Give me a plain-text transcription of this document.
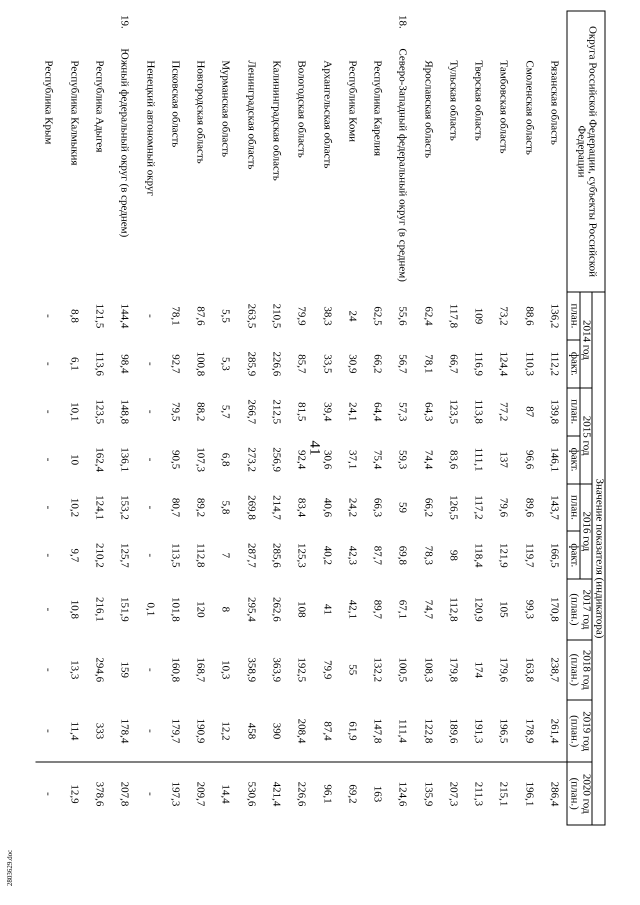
41
Округа Российской Федерации, субъекты Российской Федерации		Значение показателя (индикатора)									
		2014 год		2015 год		2016 год		2017 год (план.)	2018 год (план.)	2019 год (план.)	2020 год (план.)
		план.	факт.	план.	факт.	план.	факт.				
	Рязанская область	136,2	112,2	139,8	146,1	143,7	166,5	170,8	238,7	261,4	286,4
	Смоленская область	88,6	110,3	87	96,6	89,6	119,7	99,3	163,8	178,9	196,1
	Тамбовская область	73,2	124,4	77,2	137	79,6	121,9	105	179,6	196,5	215,1
	Тверская область	109	116,9	113,8	111,1	117,2	118,4	120,9	174	191,3	211,3
	Тульская область	117,8	66,7	123,5	83,6	126,5	98	112,8	179,8	189,6	207,3
	Ярославская область	62,4	78,1	64,3	74,4	66,2	78,3	74,7	108,3	122,8	135,9
18.	Северо-Западный федеральный округ (в среднем)	55,6	56,7	57,3	59,3	59	69,8	67,1	100,5	111,4	124,6
	Республика Карелия	62,5	66,2	64,4	75,4	66,3	87,7	89,7	132,2	147,8	163
	Республика Коми	24	30,9	24,1	37,1	24,2	42,3	42,1	55	61,9	69,2
	Архангельская область	38,3	33,5	39,4	30,6	40,6	40,2	41	79,9	87,4	96,1
	Вологодская область	79,9	85,7	81,5	92,4	83,4	125,3	108	192,5	208,4	226,6
	Калининградская область	210,5	226,6	212,5	256,9	214,7	285,6	262,6	363,9	390	421,4
	Ленинградская область	263,5	285,9	266,7	273,2	269,8	287,7	295,4	358,9	458	530,6
	Мурманская область	5,5	5,3	5,7	6,8	5,8	7	8	10,3	12,2	14,4
	Новгородская область	87,6	100,8	88,2	107,3	89,2	112,8	120	168,7	190,9	209,7
	Псковская область	78,1	92,7	79,5	90,5	80,7	113,5	101,8	160,8	179,7	197,3
	Ненецкий автономный округ	-	-	-	-	-	-	0,1	-	-	-
19.	Южный федеральный округ (в среднем)	144,4	98,4	148,8	136,1	153,2	125,7	151,9	159	178,4	207,8
	Республика Адыгея	121,5	113,6	123,5	162,4	124,1	210,2	216,1	294,6	333	378,6
	Республика Калмыкия	8,8	6,1	10,1	10	10,2	9,7	10,8	13,3	11,4	12,9
	Республика Крым	-	-	-	-	-	-	-	-	-	-
2803629.doc
